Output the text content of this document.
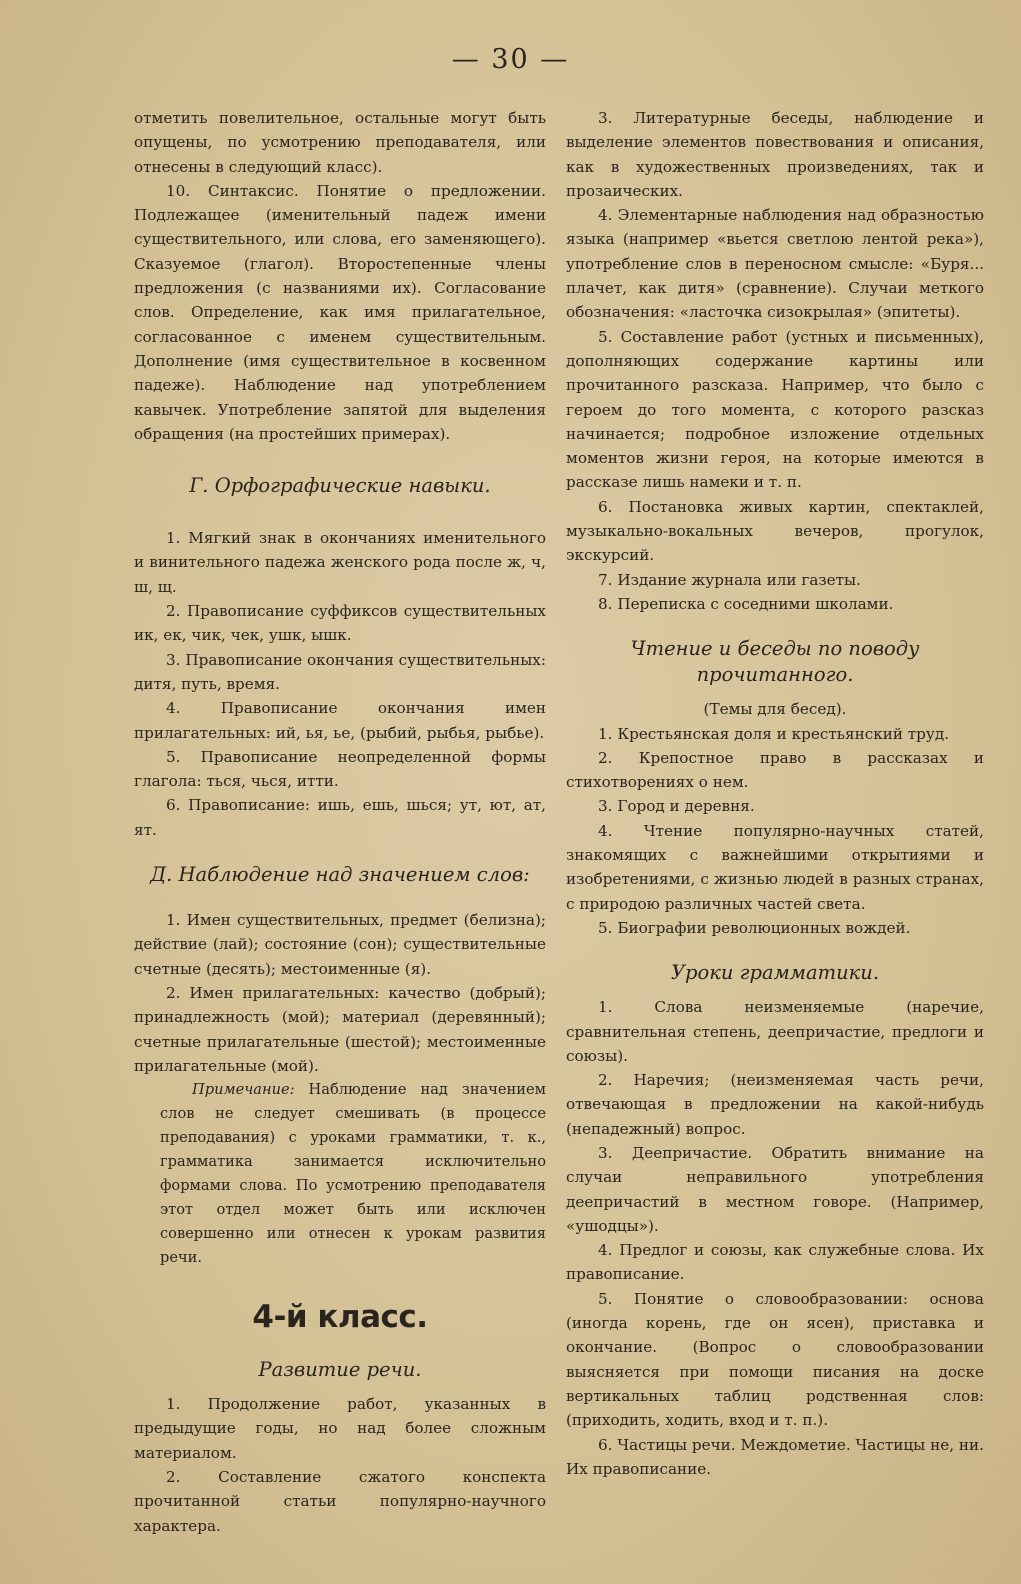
— 30 —

отметить повелительное, остальные могут быть опущены, по усмотрению преподавателя, или отнесены в следующий класс).

10. Синтаксис. Понятие о предложении. Подлежащее (именительный падеж имени существительного, или слова, его заменяющего). Сказуемое (глагол). Второстепенные члены предложения (с названиями их). Согласование слов. Определение, как имя прилагательное, согласованное с именем существительным. Дополнение (имя существительное в косвенном падеже). Наблюдение над употреблением кавычек. Употребление запятой для выделения обращения (на простейших примерах).

Г. Орфографические навыки.

1. Мягкий знак в окончаниях именительного и винительного падежа женского рода после ж, ч, ш, щ.

2. Правописание суффиксов существительных ик, ек, чик, чек, ушк, ышк.

3. Правописание окончания существительных: дитя, путь, время.

4. Правописание окончания имен прилагательных: ий, ья, ье, (рыбий, рыбья, рыбье).

5. Правописание неопределенной формы глагола: ться, чься, итти.

6. Правописание: ишь, ешь, шься; ут, ют, ат, ят.

Д. Наблюдение над значением слов:

1. Имен существительных, предмет (белизна); действие (лай); состояние (сон); существительные счетные (десять); местоименные (я).

2. Имен прилагательных: качество (добрый); принадлежность (мой); материал (деревянный); счетные прилагательные (шестой); местоименные прилагательные (мой).

Примечание: Наблюдение над значением слов не следует смешивать (в процессе преподавания) с уроками грамматики, т. к., грамматика занимается исключительно формами слова. По усмотрению преподавателя этот отдел может быть или исключен совершенно или отнесен к урокам развития речи.

4-й класс.

Развитие речи.

1. Продолжение работ, указанных в предыдущие годы, но над более сложным материалом.

2. Составление сжатого конспекта прочитанной статьи популярно-научного характера.

3. Литературные беседы, наблюдение и выделение элементов повествования и описания, как в художественных произведениях, так и прозаических.

4. Элементарные наблюдения над образностью языка (например «вьется светлою лентой река»), употребление слов в переносном смысле: «Буря... плачет, как дитя» (сравнение). Случаи меткого обозначения: «ласточка сизокрылая» (эпитеты).

5. Составление работ (устных и письменных), дополняющих содержание картины или прочитанного разсказа. Например, что было с героем до того момента, с которого разсказ начинается; подробное изложение отдельных моментов жизни героя, на которые имеются в рассказе лишь намеки и т. п.

6. Постановка живых картин, спектаклей, музыкально-вокальных вечеров, прогулок, экскурсий.

7. Издание журнала или газеты.

8. Переписка с соседними школами.

Чтение и беседы по поводу прочитанного.

(Темы для бесед).

1. Крестьянская доля и крестьянский труд.

2. Крепостное право в рассказах и стихотворениях о нем.

3. Город и деревня.

4. Чтение популярно-научных статей, знакомящих с важнейшими открытиями и изобретениями, с жизнью людей в разных странах, с природою различных частей света.

5. Биографии революционных вождей.

Уроки грамматики.

1. Слова неизменяемые (наречие, сравнительная степень, деепричастие, предлоги и союзы).

2. Наречия; (неизменяемая часть речи, отвечающая в предложении на какой-нибудь (непадежный) вопрос.

3. Деепричастие. Обратить внимание на случаи неправильного употребления деепричастий в местном говоре. (Например, «ушодцы»).

4. Предлог и союзы, как служебные слова. Их правописание.

5. Понятие о словообразовании: основа (иногда корень, где он ясен), приставка и окончание. (Вопрос о словообразовании выясняется при помощи писания на доске вертикальных таблиц родственная слов: (приходить, ходить, вход и т. п.).

6. Частицы речи. Междометие. Частицы не, ни. Их правописание.
